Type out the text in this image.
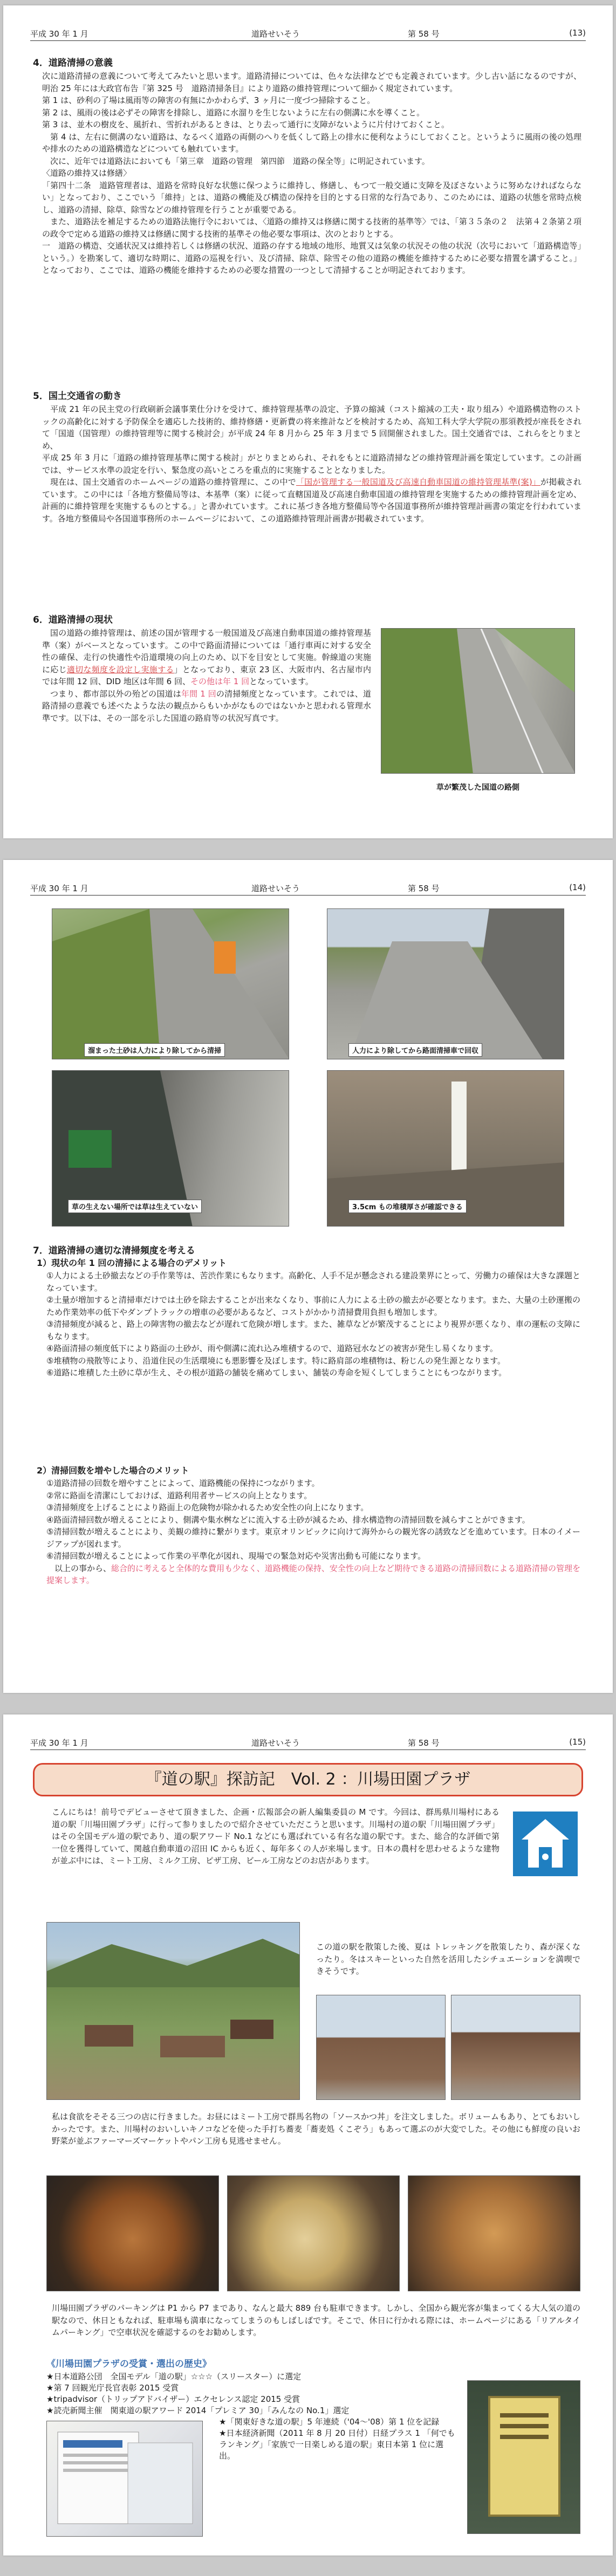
平成 30 年 1 月	道路せいそう	第 58 号	(13)
4．道路清掃の意義

次に道路清掃の意義について考えてみたいと思います。道路清掃については、色々な法律などでも定義されています。少し古い話になるのですが、明治 25 年には大政官布告『第 325 号　道路清掃条目』により道路の維持管理について細かく規定されています。

第 1 は、砂利の了場は風雨等の障害の有無にかかわらず、3 ヶ月に一度づつ掃除すること。

第 2 は、風雨の後は必ずその障害を排除し、道路に水溜りを生じないように左右の側溝に水を導くこと。

第 3 は、並木の樹皮を、風折れ、雪折れがあるときは、とり去って通行に支障がないように片付けておくこと。

第 4 は、左右に側溝のない道路は、なるべく道路の両側のへりを低くして路上の排水に便利なようにしておくこと。というように風雨の後の処理や排水のための道路構造などについても触れています。

次に、近年では道路法においても「第三章　道路の管理　第四節　道路の保全等」に明記されています。

〈道路の維持又は修繕〉

「第四十二条　道路管理者は、道路を常時良好な状態に保つように維持し、修繕し、もつて一般交通に支障を及ぼさないように努めなければならない」となっており、ここでいう「維持」とは、道路の機能及び構造の保持を目的とする日常的な行為であり、このためには、道路の状態を常時点検し、道路の清掃、除草、除雪などの維持管理を行うことが重要である。

また、道路法を補足するための道路法施行令においては、〈道路の維持又は修繕に関する技術的基準等〉では、「第３５条の２　法第４２条第２項の政令で定める道路の維持又は修繕に関する技術的基準その他必要な事項は、次のとおりとする。

一　道路の構造、交通状況又は維持若しくは修繕の状況、道路の存する地域の地形、地質又は気象の状況その他の状況（次号において「道路構造等」という。）を勘案して、適切な時期に、道路の巡視を行い、及び清掃、除草、除雪その他の道路の機能を維持するために必要な措置を講ずること。」となっており、ここでは、道路の機能を維持するための必要な措置の一つとして清掃することが明記されております。

5．国土交通省の動き

平成 21 年の民主党の行政刷新会議事業仕分けを受けて、維持管理基準の設定、予算の縮減（コスト縮減の工夫・取り組み）や道路構造物のストックの高齢化に対する予防保全を適応した技術的、維持修繕・更新費の将来推計などを検討するため、高知工科大学大学院の那須教授が座長をされて「国道（国管理）の維持管理等に関する検討会」が平成 24 年 8 月から 25 年 3 月まで 5 回開催されました。国土交通省では、これらをとりまとめ、

平成 25 年 3 月に「道路の維持管理基準に関する検討」がとりまとめられ、それをもとに道路清掃などの維持管理計画を策定しています。この計画では、サービス水準の設定を行い、緊急度の高いところを重点的に実施することとなりました。

現在は、国土交通省のホームページの道路の維持管理に、この中で「国が管理する一般国道及び高速自動車国道の維持管理基準(案)」が掲載されています。この中には「各地方整備局等は、本基準（案）に従って直轄国道及び高速自動車国道の維持管理を実施するための維持管理計画を定め、計画的に維持管理を実施するものとする。」と書かれています。これに基づき各地方整備局等や各国道事務所が維持管理計画書の策定を行われています。各地方整備局や各国道事務所のホームページにおいて、この道路維持管理計画書が掲載されています。

6．道路清掃の現状

国の道路の維持管理は、前述の国が管理する一般国道及び高速自動車国道の維持管理基準（案）がベースとなっています。この中で路面清掃については「通行車両に対する安全性の確保、走行の快適性や沿道環境の向上のため、以下を目安として実施。幹線道の実施に応じ適切な頻度を設定し実施する」となっており、東京 23 区、大阪市内、名古屋市内では年間 12 回、DID 地区は年間 6 回、その他は年 1 回となっています。

つまり、都市部以外の殆どの国道は年間 1 回の清掃頻度となっています。これでは、道路清掃の意義でも述べたような法の観点からもいかがなものではないかと思われる管理水準です。以下は、その一部を示した国道の路肩等の状況写真です。

草が繁茂した国道の路側
平成 30 年 1 月	道路せいそう	第 58 号	(14)
溜まった土砂は人力により除してから清掃	人力により除してから路面清掃車で回収
草の生えない場所では草は生えていない	3.5cm もの堆積厚さが確認できる
7．道路清掃の適切な清掃頻度を考える
1）現状の年 1 回の清掃による場合のデメリット

①人力による土砂撤去などの手作業等は、苦渋作業にもなります。高齢化、人手不足が懸念される建設業界にとって、労働力の確保は大きな課題となっています。

②土量が増加すると清掃車だけでは土砂を除去することが出来なくなり、事前に人力による土砂の撤去が必要となります。また、大量の土砂運搬のため作業効率の低下やダンプトラックの増車の必要があるなど、コストがかかり清掃費用負担も増加します。

③清掃頻度が減ると、路上の障害物の撤去などが遅れて危険が増します。また、雑草などが繁茂することにより視界が悪くなり、車の運転の支障にもなります。

④路面清掃の頻度低下により路面の土砂が、雨や側溝に流れ込み堆積するので、道路冠水などの被害が発生し易くなります。

⑤堆積物の飛散等により、沿道住民の生活環境にも悪影響を及ぼします。特に路肩部の堆積物は、粉じんの発生源となります。

⑥道路に堆積した土砂に草が生え、その根が道路の舗装を痛めてしまい、舗装の寿命を短くしてしまうことにもつながります。

2）清掃回数を増やした場合のメリット

①道路清掃の回数を増やすことによって、道路機能の保持につながります。

②常に路面を清潔にしておけば、道路利用者サービスの向上となります。

③清掃頻度を上げることにより路面上の危険物が除かれるため安全性の向上になります。

④路面清掃回数が増えることにより、側溝や集水桝などに流入する土砂が減るため、排水構造物の清掃回数を減らすことができます。

⑤清掃回数が増えることにより、美観の維持に繋がります。東京オリンピックに向けて海外からの観光客の誘致などを進めています。日本のイメージアップが図れます。

⑥清掃回数が増えることによって作業の平準化が図れ、現場での緊急対応や災害出動も可能になります。

以上の事から、総合的に考えると全体的な費用も少なく、道路機能の保持、安全性の向上など期待できる道路の清掃回数による道路清掃の管理を提案します。

平成 30 年 1 月	道路せいそう	第 58 号	(15)
『道の駅』探訪記　Vol. 2 ：川場田園プラザ
こんにちは！前号でデビューさせて頂きました、企画・広報部会の新人編集委員の M です。今回は、群馬県川場村にある道の駅「川場田園プラザ」に行って参りましたので紹介させていただこうと思います。川場村の道の駅「川場田園プラザ」はその全国モデル道の駅であり、道の駅アワード No.1 などにも選ばれている有名な道の駅です。また、総合的な評価で第一位を獲得していて、関越自動車道の沼田 IC からも近く、毎年多くの人が来場します。日本の農村を思わせるような建物が並ぶ中には、ミート工房、ミルク工房、ピザ工房、ビール工房などのお店があります。
この道の駅を散策した後、夏は トレッキングを散策したり、森が深くなったり。冬はスキーといった自然を活用したシチュエーションを満喫できそうです。
私は食欲をそそる三つの店に行きました。お昼にはミート工房で群馬名物の「ソースかつ丼」を注文しました。ボリュームもあり、とてもおいしかったです。また、川場村のおいしいキノコなどを使った手打ち蕎麦「蕎麦処 くこぞう」もあって選ぶのが大変でした。その他にも鮮度の良いお野菜が並ぶファーマーズマーケットやパン工房も見逃せません。
川場田園プラザのパーキングは P1 から P7 まであり、なんと最大 889 台も駐車できます。しかし、全国から観光客が集まってくる大人気の道の駅なので、休日ともなれば、駐車場も満車になってしまうのもしばしばです。そこで、休日に行かれる際には、ホームページにある「リアルタイムパーキング」で空車状況を確認するのをお勧めします。
《川場田園プラザの受賞・選出の歴史》

★日本道路公団　全国モデル「道の駅」☆☆☆（スリースター）に選定

★第 7 回観光庁長官表彰 2015 受賞

★tripadvisor（トリップアドバイザー）エクセレンス認定 2015 受賞

★読売新聞主催　関東道の駅アワード 2014「プレミア 30」「みんなの No.1」選定

★「関東好きな道の駅」5 年連続（'04〜'08）第 1 位を記録

★日本経済新聞（2011 年 8 月 20 日付）日経プラス 1 「何でもランキング」「家族で一日楽しめる道の駅」東日本第 1 位に選出。
